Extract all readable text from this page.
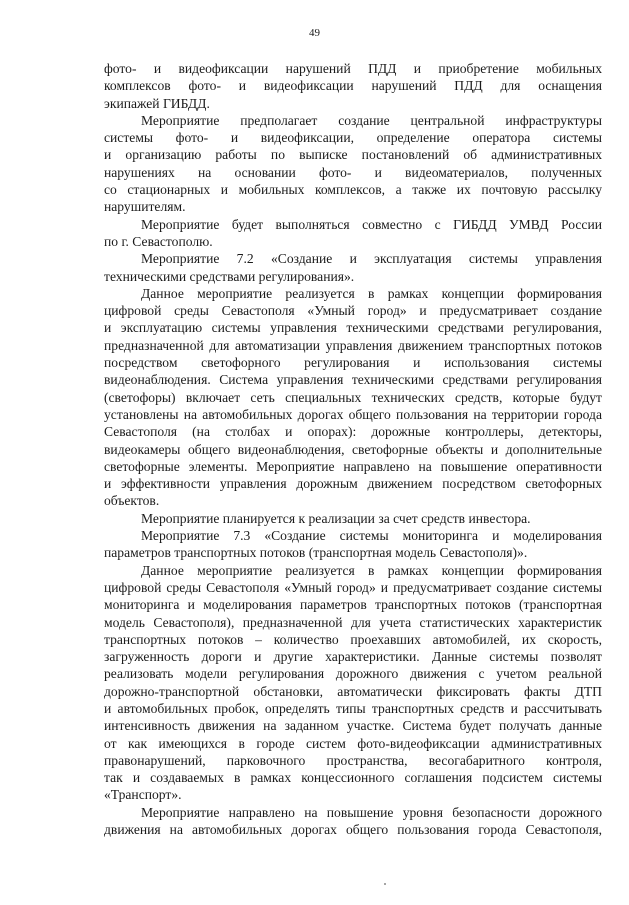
49

фото- и видеофиксации нарушений ПДД и приобретение мобильных

комплексов фото- и видеофиксации нарушений ПДД для оснащения

экипажей ГИБДД.

Мероприятие предполагает создание центральной инфраструктуры

системы фото- и видеофиксации, определение оператора системы

и организацию работы по выписке постановлений об административных

нарушениях на основании фото- и видеоматериалов, полученных

со стационарных и мобильных комплексов, а также их почтовую рассылку

нарушителям.

Мероприятие будет выполняться совместно с ГИБДД УМВД России

по г. Севастополю.

Мероприятие 7.2 «Создание и эксплуатация системы управления

техническими средствами регулирования».

Данное мероприятие реализуется в рамках концепции формирования

цифровой среды Севастополя «Умный город» и предусматривает создание

и эксплуатацию системы управления техническими средствами регулирования,

предназначенной для автоматизации управления движением транспортных потоков

посредством светофорного регулирования и использования системы

видеонаблюдения. Система управления техническими средствами регулирования

(светофоры) включает сеть специальных технических средств, которые будут

установлены на автомобильных дорогах общего пользования на территории города

Севастополя (на столбах и опорах): дорожные контроллеры, детекторы,

видеокамеры общего видеонаблюдения, светофорные объекты и дополнительные

светофорные элементы. Мероприятие направлено на повышение оперативности

и эффективности управления дорожным движением посредством светофорных

объектов.

Мероприятие планируется к реализации за счет средств инвестора.

Мероприятие 7.3 «Создание системы мониторинга и моделирования

параметров транспортных потоков (транспортная модель Севастополя)».

Данное мероприятие реализуется в рамках концепции формирования

цифровой среды Севастополя «Умный город» и предусматривает создание системы

мониторинга и моделирования параметров транспортных потоков (транспортная

модель Севастополя), предназначенной для учета статистических характеристик

транспортных потоков – количество проехавших автомобилей, их скорость,

загруженность дороги и другие характеристики. Данные системы позволят

реализовать модели регулирования дорожного движения с учетом реальной

дорожно-транспортной обстановки, автоматически фиксировать факты ДТП

и автомобильных пробок, определять типы транспортных средств и рассчитывать

интенсивность движения на заданном участке. Система будет получать данные

от как имеющихся в городе систем фото-видеофиксации административных

правонарушений, парковочного пространства, весогабаритного контроля,

так и создаваемых в рамках концессионного соглашения подсистем системы

«Транспорт».

Мероприятие направлено на повышение уровня безопасности дорожного

движения на автомобильных дорогах общего пользования города Севастополя,
